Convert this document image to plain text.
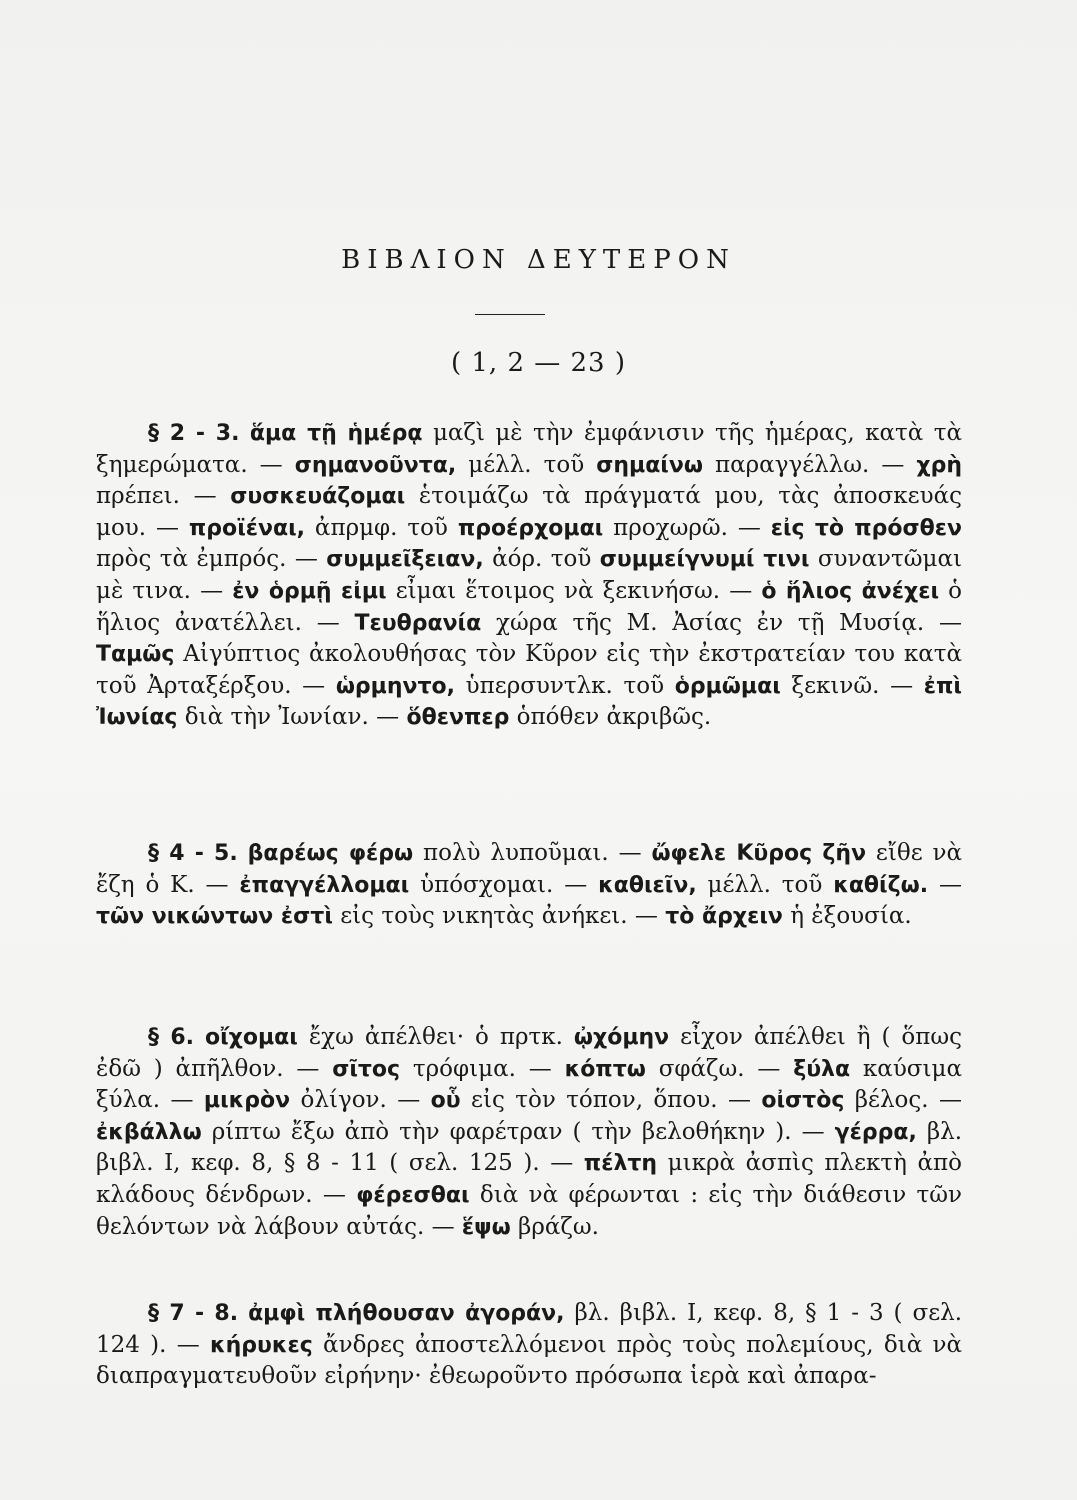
ΒΙΒΛΙΟΝ ΔΕΥΤΕΡΟΝ
( 1, 2 — 23 )

§ 2 - 3. ἅμα τῇ ἡμέρᾳ μαζὶ μὲ τὴν ἐμφάνισιν τῆς ἡμέρας, κατὰ τὰ ξημερώματα. — σημανοῦντα, μέλλ. τοῦ σημαίνω παραγγέλλω. — χρὴ πρέπει. — συσκευάζομαι ἑτοιμάζω τὰ πράγματά μου, τὰς ἀποσκευάς μου. — προϊέναι, ἀπρμφ. τοῦ προέρχομαι προχωρῶ. — εἰς τὸ πρόσθεν πρὸς τὰ ἐμπρός. — συμμεῖξειαν, ἀόρ. τοῦ συμμείγνυμί τινι συναντῶμαι μὲ τινα. — ἐν ὁρμῇ εἰμι εἶμαι ἕτοιμος νὰ ξεκινήσω. — ὁ ἥλιος ἀνέχει ὁ ἥλιος ἀνατέλλει. — Τευθρανία χώρα τῆς Μ. Ἀσίας ἐν τῇ Μυσίᾳ. — Ταμῶς Αἰγύπτιος ἀκολουθήσας τὸν Κῦρον εἰς τὴν ἐκστρατείαν του κατὰ τοῦ Ἀρταξέρξου. — ὡρμηντο, ὑπερσυντλκ. τοῦ ὁρμῶμαι ξεκινῶ. — ἐπὶ Ἰωνίας διὰ τὴν Ἰωνίαν. — ὅθενπερ ὁπόθεν ἀκριβῶς.

§ 4 - 5. βαρέως φέρω πολὺ λυποῦμαι. — ὤφελε Κῦρος ζῆν εἴθε νὰ ἔζη ὁ Κ. — ἐπαγγέλλομαι ὑπόσχομαι. — καθιεῖν, μέλλ. τοῦ καθίζω. — τῶν νικώντων ἐστὶ εἰς τοὺς νικητὰς ἀνήκει. — τὸ ἄρχειν ἡ ἐξουσία.

§ 6. οἴχομαι ἔχω ἀπέλθει· ὁ πρτκ. ᾠχόμην εἶχον ἀπέλθει ἢ ( ὅπως ἐδῶ ) ἀπῆλθον. — σῖτος τρόφιμα. — κόπτω σφάζω. — ξύλα καύσιμα ξύλα. — μικρὸν ὀλίγον. — οὗ εἰς τὸν τόπον, ὅπου. — οἰστὸς βέλος. — ἐκβάλλω ρίπτω ἔξω ἀπὸ τὴν φαρέτραν ( τὴν βελοθήκην ). — γέρρα, βλ. βιβλ. I, κεφ. 8, § 8 - 11 ( σελ. 125 ). — πέλτη μικρὰ ἀσπὶς πλεκτὴ ἀπὸ κλάδους δένδρων. — φέρεσθαι διὰ νὰ φέρωνται : εἰς τὴν διάθεσιν τῶν θελόντων νὰ λάβουν αὐτάς. — ἕψω βράζω.

§ 7 - 8. ἀμφὶ πλήθουσαν ἀγοράν, βλ. βιβλ. I, κεφ. 8, § 1 - 3 ( σελ. 124 ). — κήρυκες ἄνδρες ἀποστελλόμενοι πρὸς τοὺς πολεμίους, διὰ νὰ διαπραγματευθοῦν εἰρήνην· ἐθεωροῦντο πρόσωπα ἱερὰ καὶ ἀπαρα-
